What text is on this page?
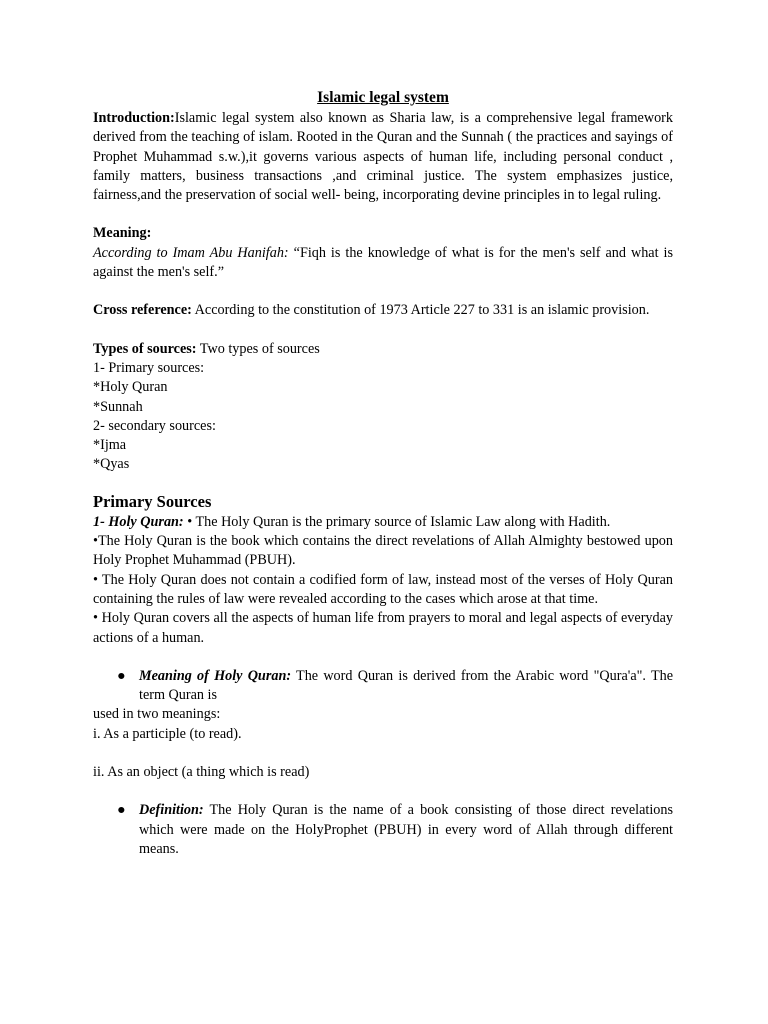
Islamic legal system

Introduction:Islamic legal system also known as Sharia law, is a comprehensive legal framework derived from the teaching of islam. Rooted in the Quran and the Sunnah ( the practices and sayings of Prophet Muhammad s.w.),it governs various aspects of human life, including personal conduct , family matters, business transactions ,and criminal justice. The system emphasizes justice, fairness,and the preservation of social well- being, incorporating devine principles in to legal ruling.

Meaning:

According to Imam Abu Hanifah: “Fiqh is the knowledge of what is for the men's self and what is against the men's self.”

Cross reference: According to the constitution of 1973 Article 227 to 331 is an islamic provision.

Types of sources: Two types of sources

1- Primary sources:

*Holy Quran

*Sunnah

2- secondary sources:

*Ijma

*Qyas

Primary Sources

1- Holy Quran: • The Holy Quran is the primary source of Islamic Law along with Hadith.

•The Holy Quran is the book which contains the direct revelations of Allah Almighty bestowed upon Holy Prophet Muhammad (PBUH).

• The Holy Quran does not contain a codified form of law, instead most of the verses of Holy Quran containing the rules of law were revealed according to the cases which arose at that time.

• Holy Quran covers all the aspects of human life from prayers to moral and legal aspects of everyday actions of a human.

● Meaning of Holy Quran: The word Quran is derived from the Arabic word "Qura'a". The term Quran is

used in two meanings:

i. As a participle (to read).

ii. As an object (a thing which is read)

● Definition: The Holy Quran is the name of a book consisting of those direct revelations which were made on the HolyProphet (PBUH) in every word of Allah through different means.
